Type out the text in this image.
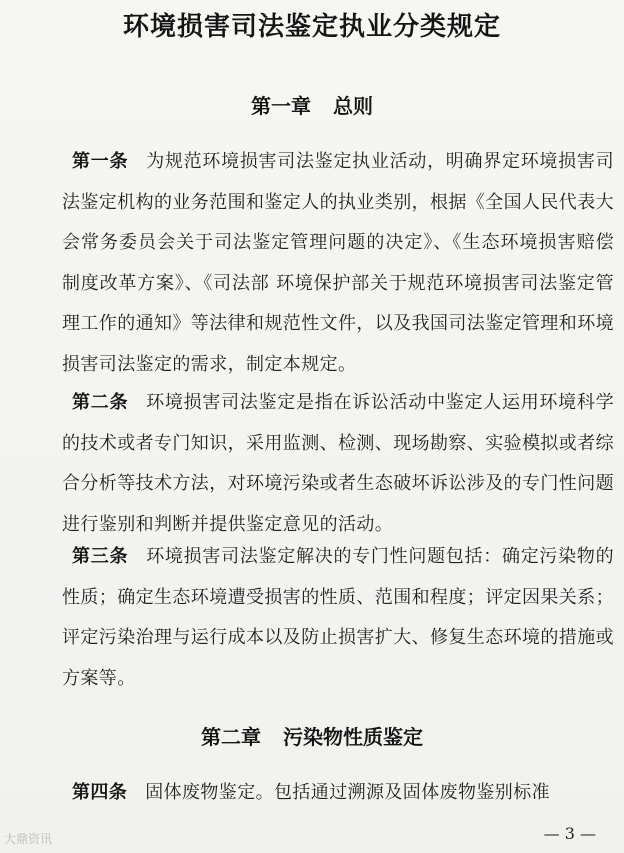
环境损害司法鉴定执业分类规定
第一章 总则
第一条 为规范环境损害司法鉴定执业活动，明确界定环境损害司法鉴定机构的业务范围和鉴定人的执业类别，根据《全国人民代表大会常务委员会关于司法鉴定管理问题的决定》、《生态环境损害赔偿制度改革方案》、《司法部 环境保护部关于规范环境损害司法鉴定管理工作的通知》等法律和规范性文件，以及我国司法鉴定管理和环境损害司法鉴定的需求，制定本规定。
第二条 环境损害司法鉴定是指在诉讼活动中鉴定人运用环境科学的技术或者专门知识，采用监测、检测、现场勘察、实验模拟或者综合分析等技术方法，对环境污染或者生态破坏诉讼涉及的专门性问题进行鉴别和判断并提供鉴定意见的活动。
第三条 环境损害司法鉴定解决的专门性问题包括：确定污染物的性质；确定生态环境遭受损害的性质、范围和程度；评定因果关系；评定污染治理与运行成本以及防止损害扩大、修复生态环境的措施或方案等。
第二章 污染物性质鉴定
第四条 固体废物鉴定。包括通过溯源及固体废物鉴别标准
大鼎资讯	— 3 —
